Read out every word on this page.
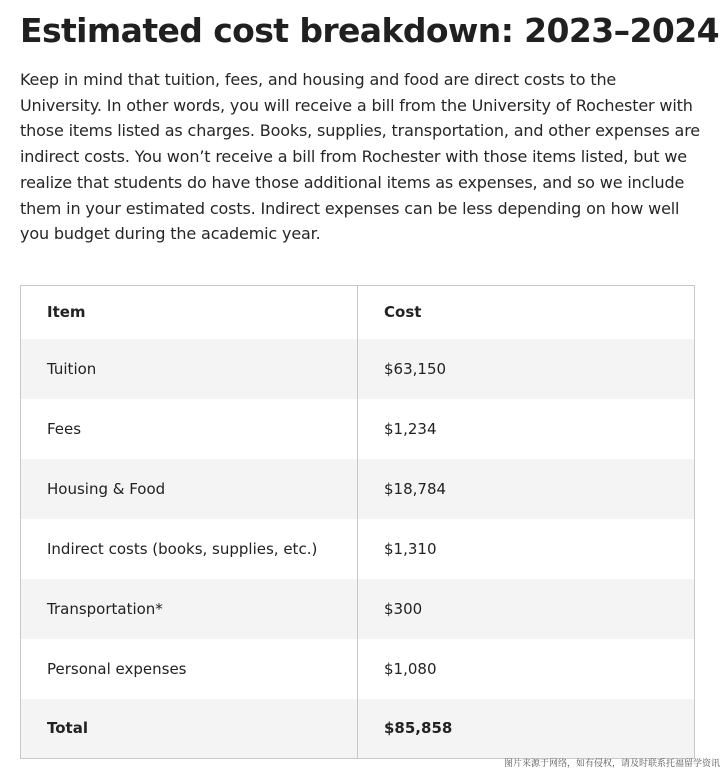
Estimated cost breakdown: 2023–2024

Keep in mind that tuition, fees, and housing and food are direct costs to the University. In other words, you will receive a bill from the University of Rochester with those items listed as charges. Books, supplies, transportation, and other expenses are indirect costs. You won’t receive a bill from Rochester with those items listed, but we realize that students do have those additional items as expenses, and so we include them in your estimated costs. Indirect expenses can be less depending on how well you budget during the academic year.

Item	Cost
Tuition	$63,150
Fees	$1,234
Housing & Food	$18,784
Indirect costs (books, supplies, etc.)	$1,310
Transportation*	$300
Personal expenses	$1,080
Total	$85,858
图片来源于网络，如有侵权，请及时联系托福留学资讯
